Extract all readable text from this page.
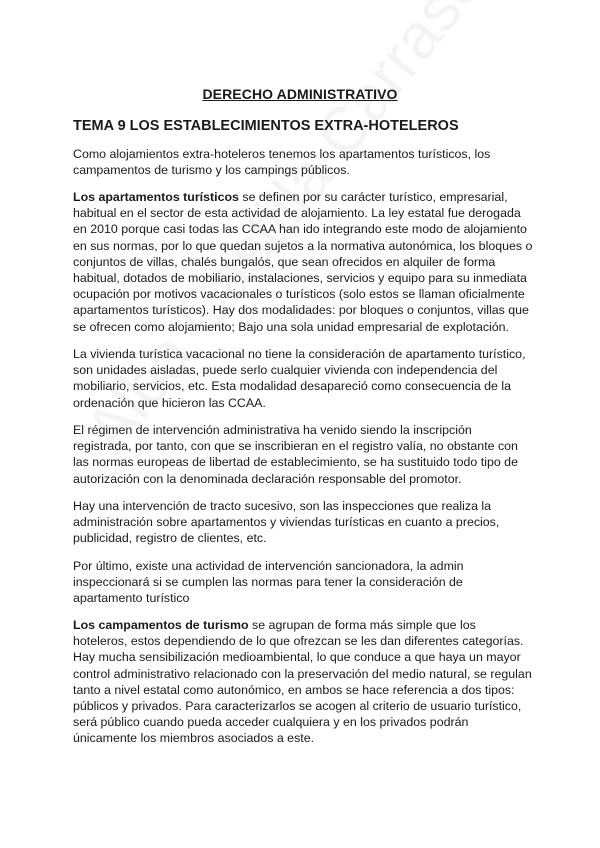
DERECHO ADMINISTRATIVO
TEMA 9 LOS ESTABLECIMIENTOS EXTRA-HOTELEROS

Como alojamientos extra-hoteleros tenemos los apartamentos turísticos, los campamentos de turismo y los campings públicos.

Los apartamentos turísticos se definen por su carácter turístico, empresarial, habitual en el sector de esta actividad de alojamiento. La ley estatal fue derogada en 2010 porque casi todas las CCAA han ido integrando este modo de alojamiento en sus normas, por lo que quedan sujetos a la normativa autonómica, los bloques o conjuntos de villas, chalés bungalós, que sean ofrecidos en alquiler de forma habitual, dotados de mobiliario, instalaciones, servicios y equipo para su inmediata ocupación por motivos vacacionales o turísticos (solo estos se llaman oficialmente apartamentos turísticos). Hay dos modalidades: por bloques o conjuntos, villas que se ofrecen como alojamiento; Bajo una sola unidad empresarial de explotación.

La vivienda turística vacacional no tiene la consideración de apartamento turístico, son unidades aisladas, puede serlo cualquier vivienda con independencia del mobiliario, servicios, etc. Esta modalidad desapareció como consecuencia de la ordenación que hicieron las CCAA.

El régimen de intervención administrativa ha venido siendo la inscripción registrada, por tanto, con que se inscribieran en el registro valía, no obstante con las normas europeas de libertad de establecimiento, se ha sustituido todo tipo de autorización con la denominada declaración responsable del promotor.

Hay una intervención de tracto sucesivo, son las inspecciones que realiza la administración sobre apartamentos y viviendas turísticas en cuanto a precios, publicidad, registro de clientes, etc.

Por último, existe una actividad de intervención sancionadora, la admin inspeccionará si se cumplen las normas para tener la consideración de apartamento turístico

Los campamentos de turismo se agrupan de forma más simple que los hoteleros, estos dependiendo de lo que ofrezcan se les dan diferentes categorías. Hay mucha sensibilización medioambiental, lo que conduce a que haya un mayor control administrativo relacionado con la preservación del medio natural, se regulan tanto a nivel estatal como autonómico, en ambos se hace referencia a dos tipos: públicos y privados. Para caracterizarlos se acogen al criterio de usuario turístico, será público cuando pueda acceder cualquiera y en los privados podrán únicamente los miembros asociados a este.
